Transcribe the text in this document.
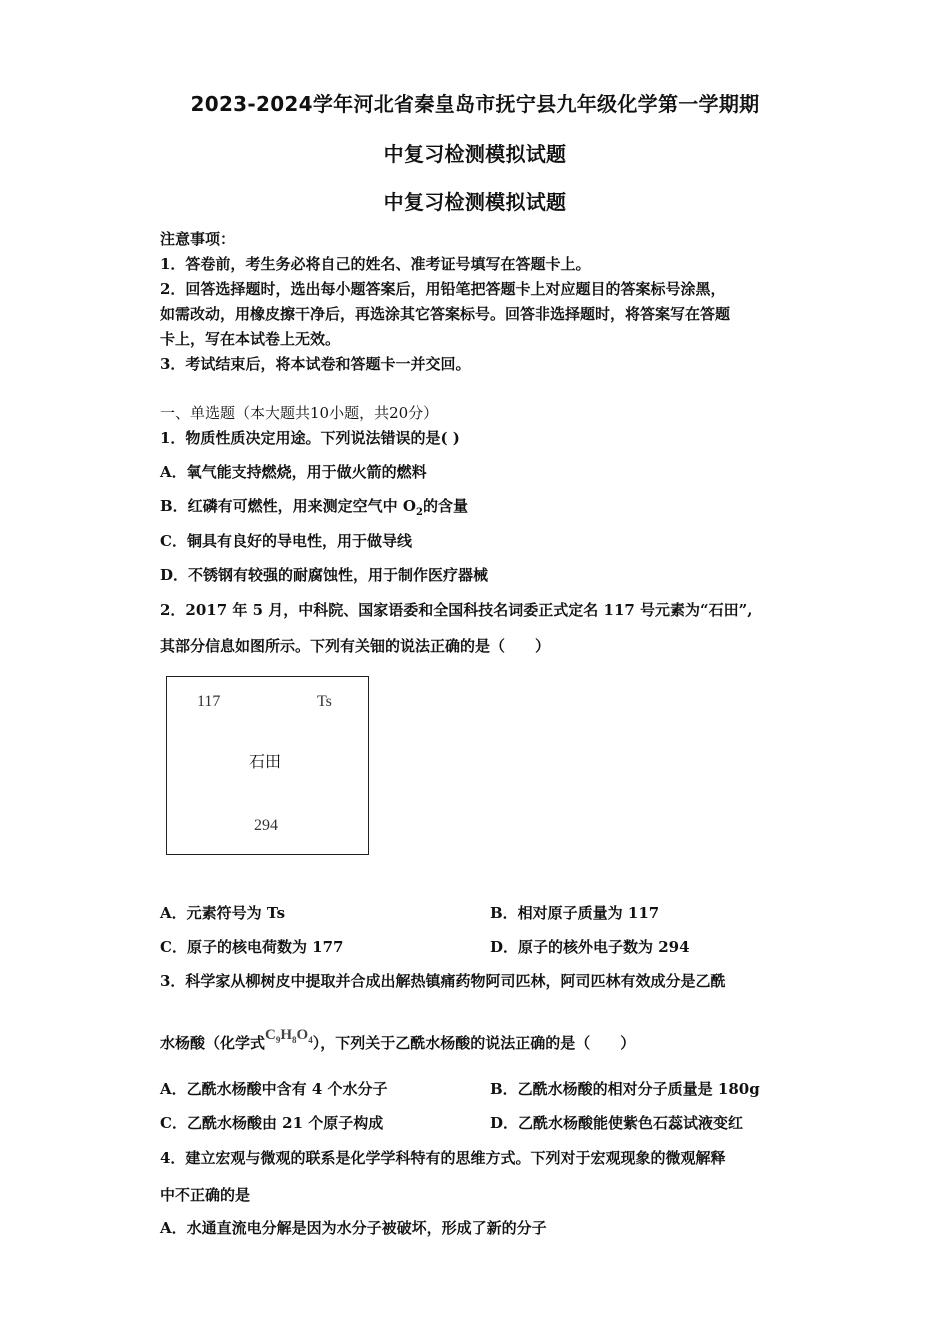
2023-2024学年河北省秦皇岛市抚宁县九年级化学第一学期期
中复习检测模拟试题
中复习检测模拟试题
注意事项：
1．答卷前，考生务必将自己的姓名、准考证号填写在答题卡上。
2．回答选择题时，选出每小题答案后，用铅笔把答题卡上对应题目的答案标号涂黑，
如需改动，用橡皮擦干净后，再选涂其它答案标号。回答非选择题时，将答案写在答题
卡上，写在本试卷上无效。
3．考试结束后，将本试卷和答题卡一并交回。
一、单选题（本大题共10小题，共20分）
1．物质性质决定用途。下列说法错误的是( )
A．氧气能支持燃烧，用于做火箭的燃料
B．红磷有可燃性，用来测定空气中 $O_2$的含量
C．铜具有良好的导电性，用于做导线
D．不锈钢有较强的耐腐蚀性，用于制作医疗器械
2．2017 年 5 月，中科院、国家语委和全国科技名词委正式定名 117 号元素为“石田”,
其部分信息如图所示。下列有关钿的说法正确的是（　　）
117	Ts
石田
294
A．元素符号为 Ts	B．相对原子质量为 117
C．原子的核电荷数为 177	D．原子的核外电子数为 294
3．科学家从柳树皮中提取并合成出解热镇痛药物阿司匹林，阿司匹林有效成分是乙酰
水杨酸（化学式$C_9H_8O_4$），下列关于乙酰水杨酸的说法正确的是（　　）
A．乙酰水杨酸中含有 4 个水分子	B．乙酰水杨酸的相对分子质量是 180g
C．乙酰水杨酸由 21 个原子构成	D．乙酰水杨酸能使紫色石蕊试液变红
4．建立宏观与微观的联系是化学学科特有的思维方式。下列对于宏观现象的微观解释
中不正确的是
A．水通直流电分解是因为水分子被破坏，形成了新的分子
